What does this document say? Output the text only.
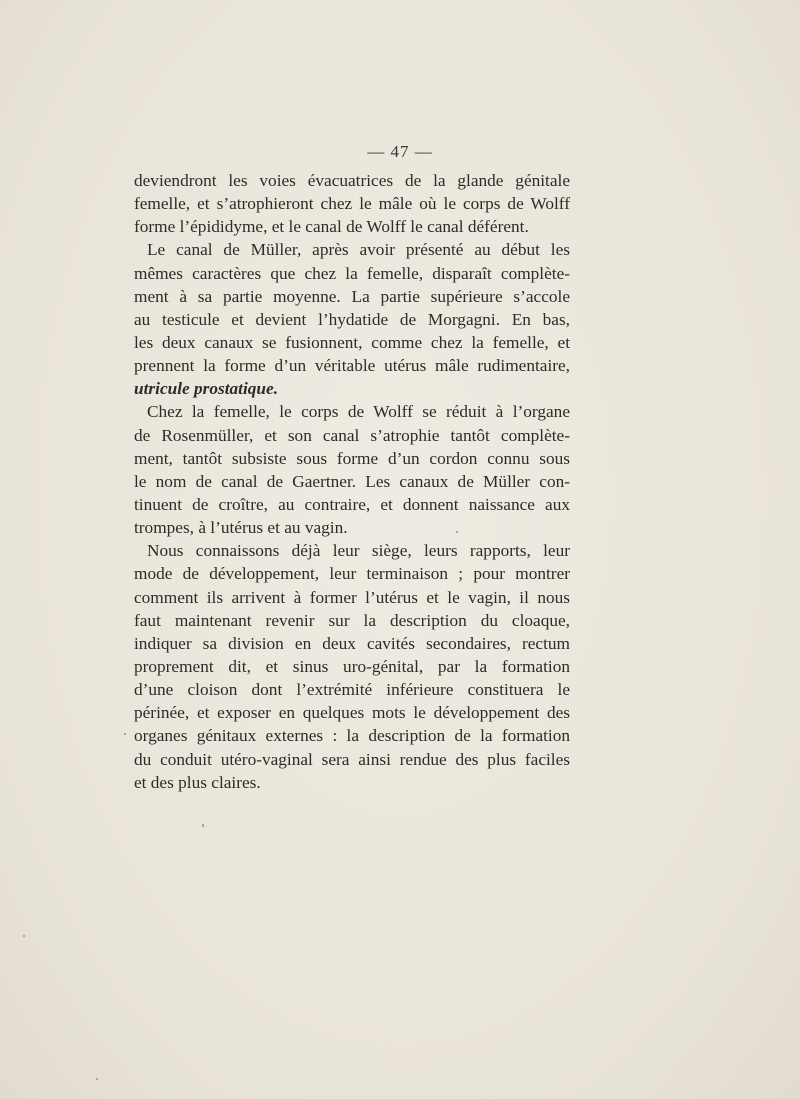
— 47 —
deviendront les voies évacuatrices de la glande génitale
femelle, et s’atrophieront chez le mâle où le corps de Wolff
forme l’épididyme, et le canal de Wolff le canal déférent.
Le canal de Müller, après avoir présenté au début les
mêmes caractères que chez la femelle, disparaît complète-
ment à sa partie moyenne. La partie supérieure s’accole
au testicule et devient l’hydatide de Morgagni. En bas,
les deux canaux se fusionnent, comme chez la femelle, et
prennent la forme d’un véritable utérus mâle rudimentaire,
utricule prostatique.
Chez la femelle, le corps de Wolff se réduit à l’organe
de Rosenmüller, et son canal s’atrophie tantôt complète-
ment, tantôt subsiste sous forme d’un cordon connu sous
le nom de canal de Gaertner. Les canaux de Müller con-
tinuent de croître, au contraire, et donnent naissance aux
trompes, à l’utérus et au vagin.
Nous connaissons déjà leur siège, leurs rapports, leur
mode de développement, leur terminaison ; pour montrer
comment ils arrivent à former l’utérus et le vagin, il nous
faut maintenant revenir sur la description du cloaque,
indiquer sa division en deux cavités secondaires, rectum
proprement dit, et sinus uro-génital, par la formation
d’une cloison dont l’extrémité inférieure constituera le
périnée, et exposer en quelques mots le développement des
organes génitaux externes : la description de la formation
du conduit utéro-vaginal sera ainsi rendue des plus faciles
et des plus claires.
